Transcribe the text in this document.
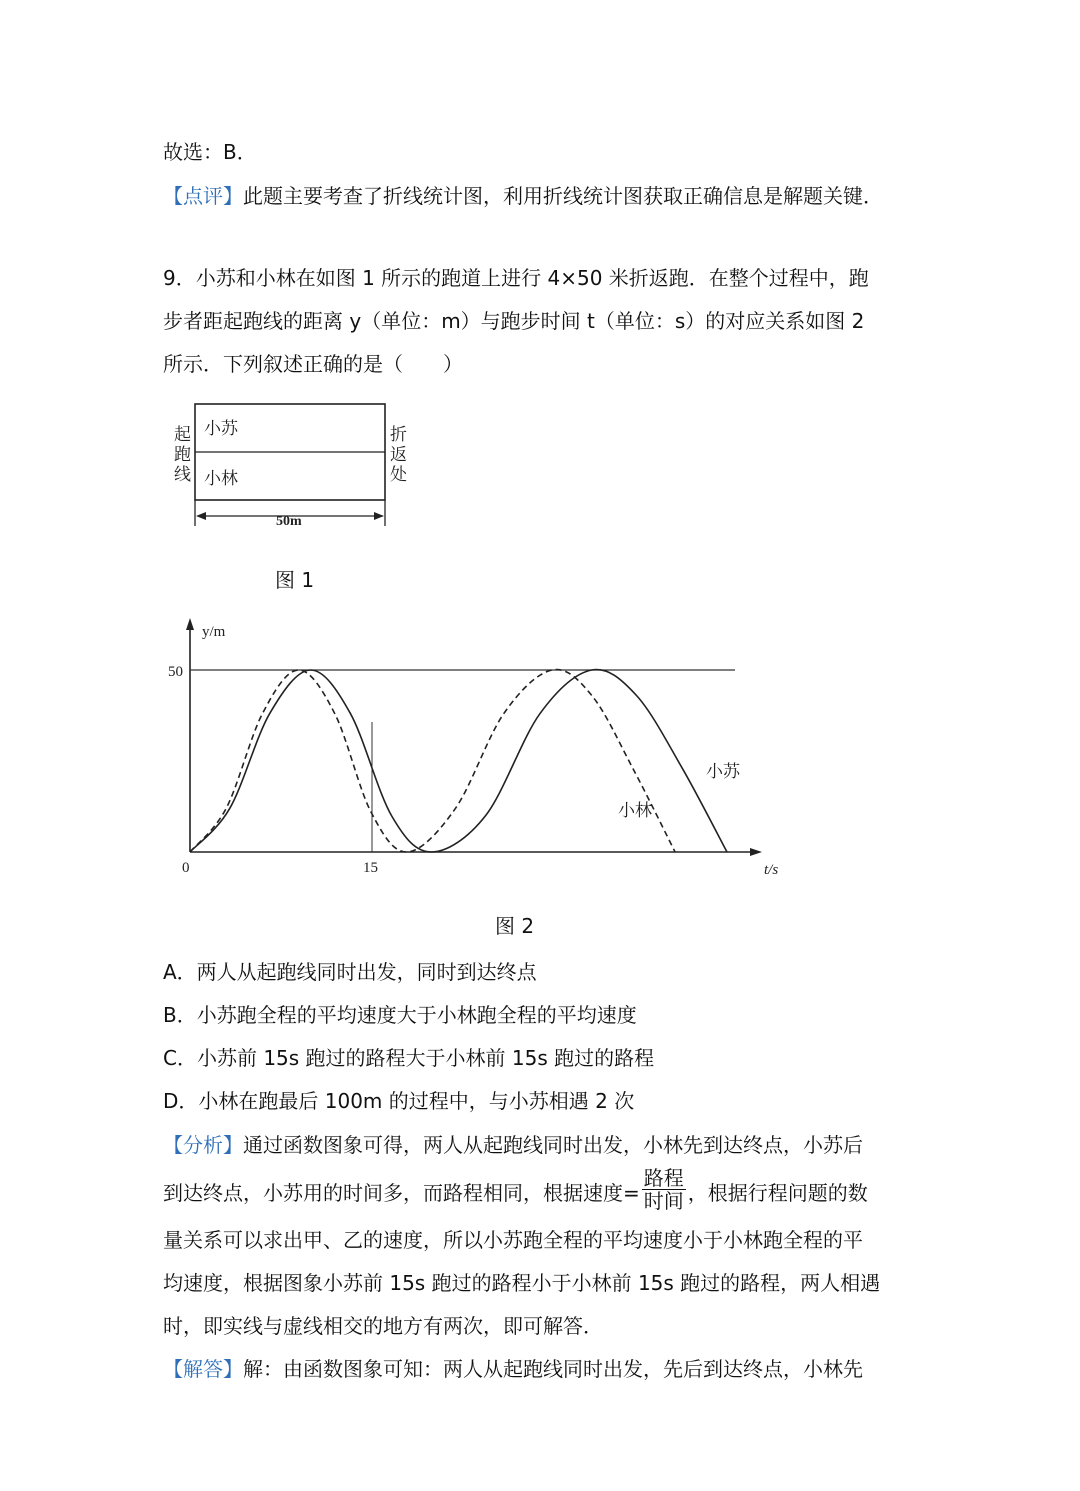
故选：B．
【点评】此题主要考查了折线统计图，利用折线统计图获取正确信息是解题关键．
9．小苏和小林在如图 1 所示的跑道上进行 4×50 米折返跑．在整个过程中，跑
步者距起跑线的距离 y（单位：m）与跑步时间 t（单位：s）的对应关系如图 2
所示．下列叙述正确的是（　　）
起
跑
线
折
返
处
小苏
小林
50m
图 1
y/m
t/s
0
50
15
小苏
小林
图 2
A．两人从起跑线同时出发，同时到达终点
B．小苏跑全程的平均速度大于小林跑全程的平均速度
C．小苏前 15s 跑过的路程大于小林前 15s 跑过的路程
D．小林在跑最后 100m 的过程中，与小苏相遇 2 次
【分析】通过函数图象可得，两人从起跑线同时出发，小林先到达终点，小苏后
到达终点，小苏用的时间多，而路程相同，根据速度= $\frac{\text{路程}}{\text{时间}}$ ，根据行程问题的数
量关系可以求出甲、乙的速度，所以小苏跑全程的平均速度小于小林跑全程的平
均速度，根据图象小苏前 15s 跑过的路程小于小林前 15s 跑过的路程，两人相遇
时，即实线与虚线相交的地方有两次，即可解答．
【解答】解：由函数图象可知：两人从起跑线同时出发，先后到达终点，小林先
